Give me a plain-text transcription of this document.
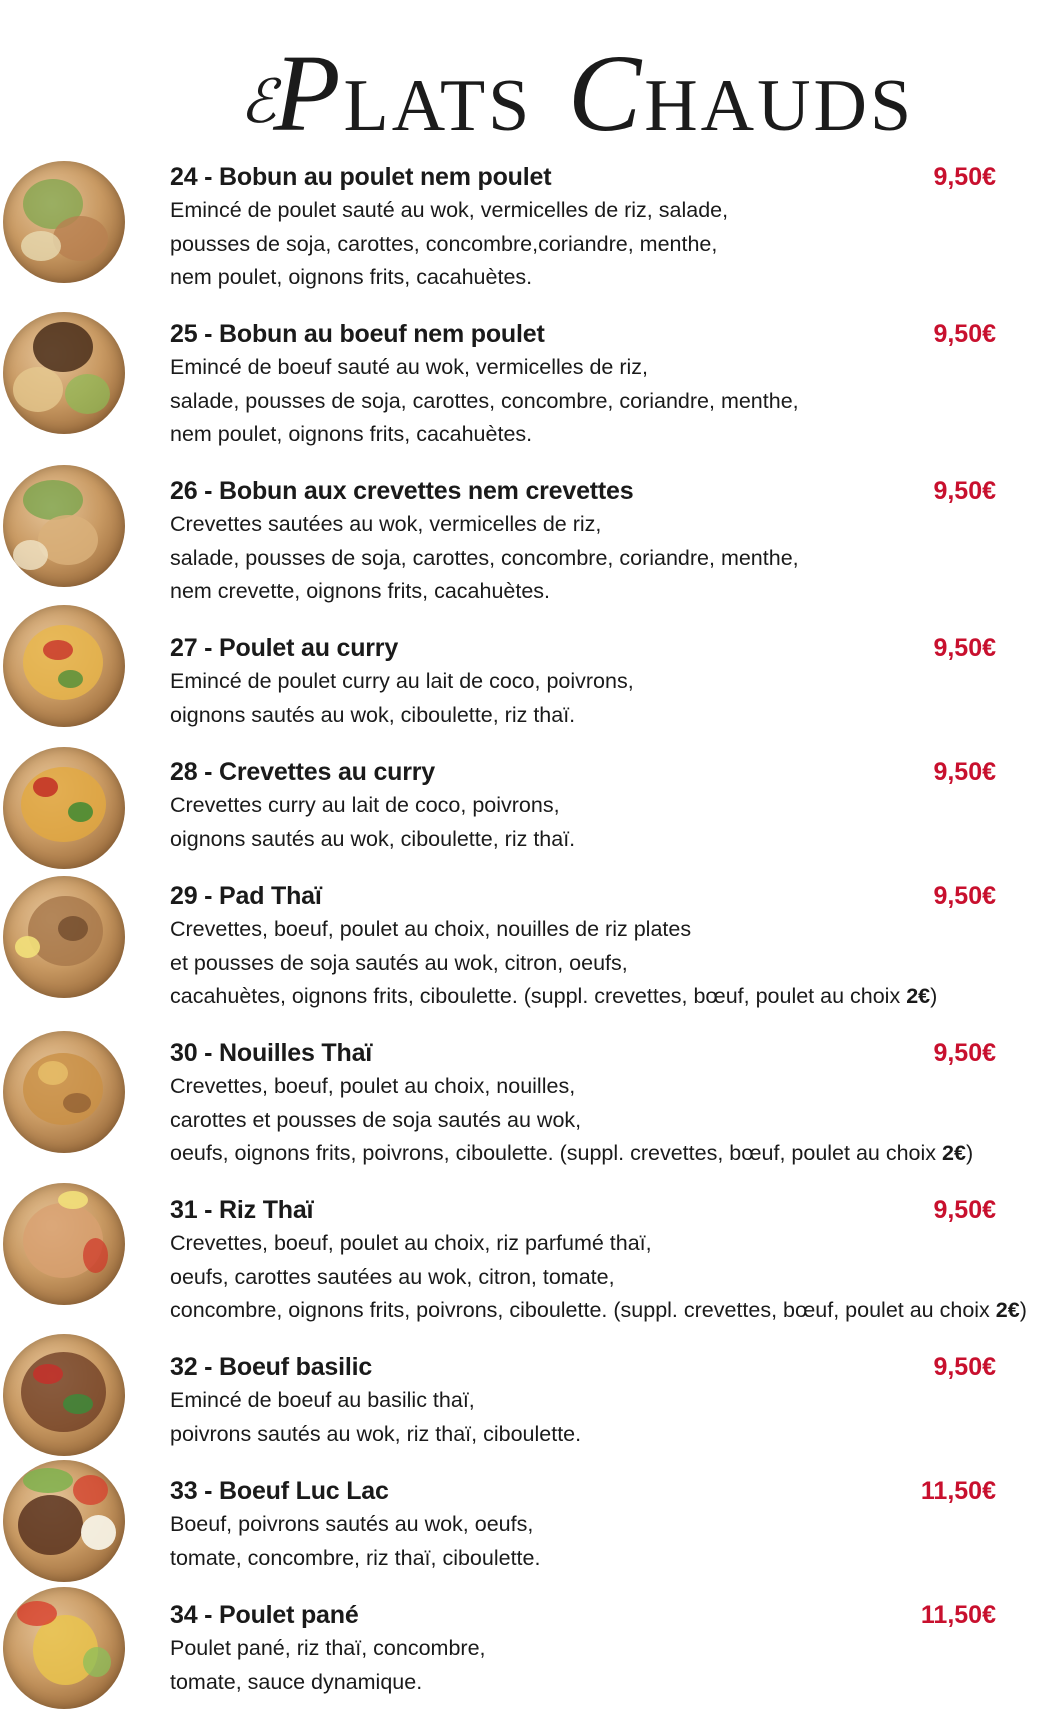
ℰPLATS CHAUDS
24 - Bobun au poulet nem poulet	9,50€
Emincé de poulet sauté au wok, vermicelles de riz, salade,
pousses de soja, carottes, concombre,coriandre, menthe,
nem poulet, oignons frits, cacahuètes.
25 - Bobun au boeuf nem poulet	9,50€
Emincé de boeuf sauté au wok, vermicelles de riz,
salade, pousses de soja, carottes, concombre, coriandre, menthe,
nem poulet, oignons frits, cacahuètes.
26 - Bobun aux crevettes nem crevettes	9,50€
Crevettes sautées au wok, vermicelles de riz,
salade, pousses de soja, carottes, concombre, coriandre, menthe,
nem crevette, oignons frits, cacahuètes.
27 - Poulet au curry	9,50€
Emincé de poulet curry au lait de coco, poivrons,
oignons sautés au wok, ciboulette, riz thaï.
28 - Crevettes au curry	9,50€
Crevettes curry au lait de coco, poivrons,
oignons sautés au wok, ciboulette, riz thaï.
29 - Pad Thaï	9,50€
Crevettes, boeuf, poulet au choix, nouilles de riz plates
et pousses de soja sautés au wok, citron, oeufs,
cacahuètes, oignons frits, ciboulette. (suppl. crevettes, bœuf, poulet au choix 2€)
30 - Nouilles Thaï	9,50€
Crevettes, boeuf, poulet au choix, nouilles,
carottes et pousses de soja sautés au wok,
oeufs, oignons frits, poivrons, ciboulette. (suppl. crevettes, bœuf, poulet au choix 2€)
31 - Riz Thaï	9,50€
Crevettes, boeuf, poulet au choix, riz parfumé thaï,
oeufs, carottes sautées au wok, citron, tomate,
concombre, oignons frits, poivrons, ciboulette. (suppl. crevettes, bœuf, poulet au choix 2€)
32 - Boeuf basilic	9,50€
Emincé de boeuf au basilic thaï,
poivrons sautés au wok, riz thaï, ciboulette.
33 - Boeuf Luc Lac	11,50€
Boeuf, poivrons sautés au wok, oeufs,
tomate, concombre, riz thaï, ciboulette.
34 - Poulet pané	11,50€
Poulet pané, riz thaï, concombre,
tomate, sauce dynamique.
